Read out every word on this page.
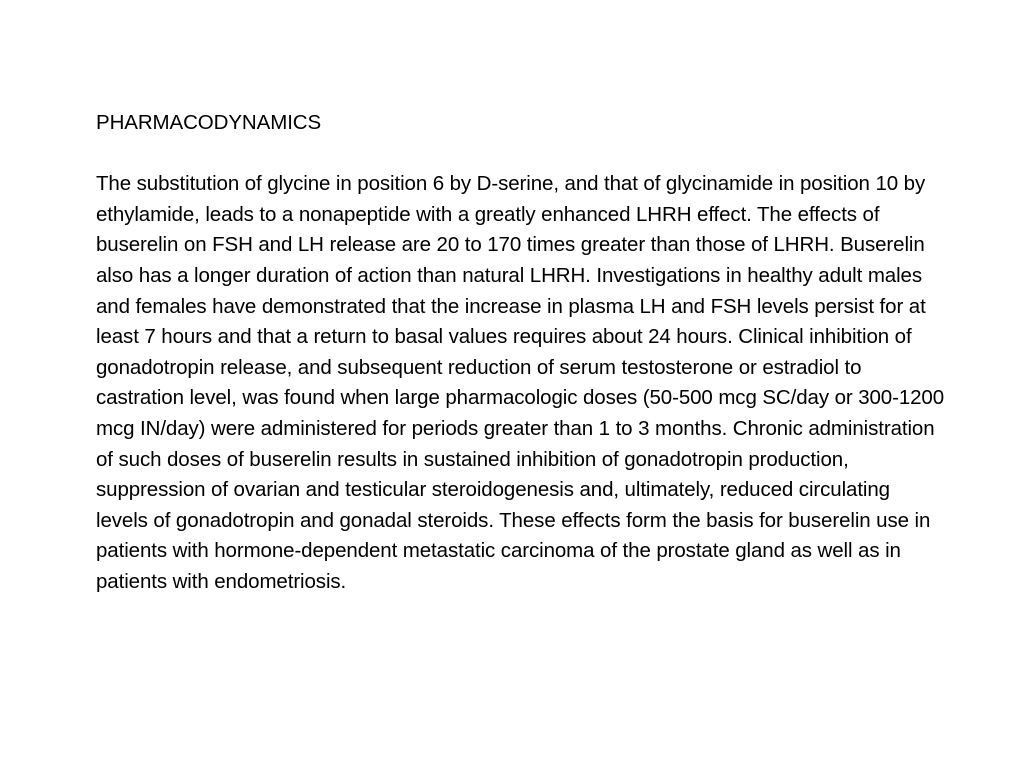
PHARMACODYNAMICS

The substitution of glycine in position 6 by D-serine, and that of glycinamide in position 10 by ethylamide, leads to a nonapeptide with a greatly enhanced LHRH effect. The effects of buserelin on FSH and LH release are 20 to 170 times greater than those of LHRH. Buserelin also has a longer duration of action than natural LHRH. Investigations in healthy adult males and females have demonstrated that the increase in plasma LH and FSH levels persist for at least 7 hours and that a return to basal values requires about 24 hours. Clinical inhibition of gonadotropin release, and subsequent reduction of serum testosterone or estradiol to castration level, was found when large pharmacologic doses (50-500 mcg SC/day or 300-1200 mcg IN/day) were administered for periods greater than 1 to 3 months. Chronic administration of such doses of buserelin results in sustained inhibition of gonadotropin production, suppression of ovarian and testicular steroidogenesis and, ultimately, reduced circulating levels of gonadotropin and gonadal steroids. These effects form the basis for buserelin use in patients with hormone-dependent metastatic carcinoma of the prostate gland as well as in patients with endometriosis.
